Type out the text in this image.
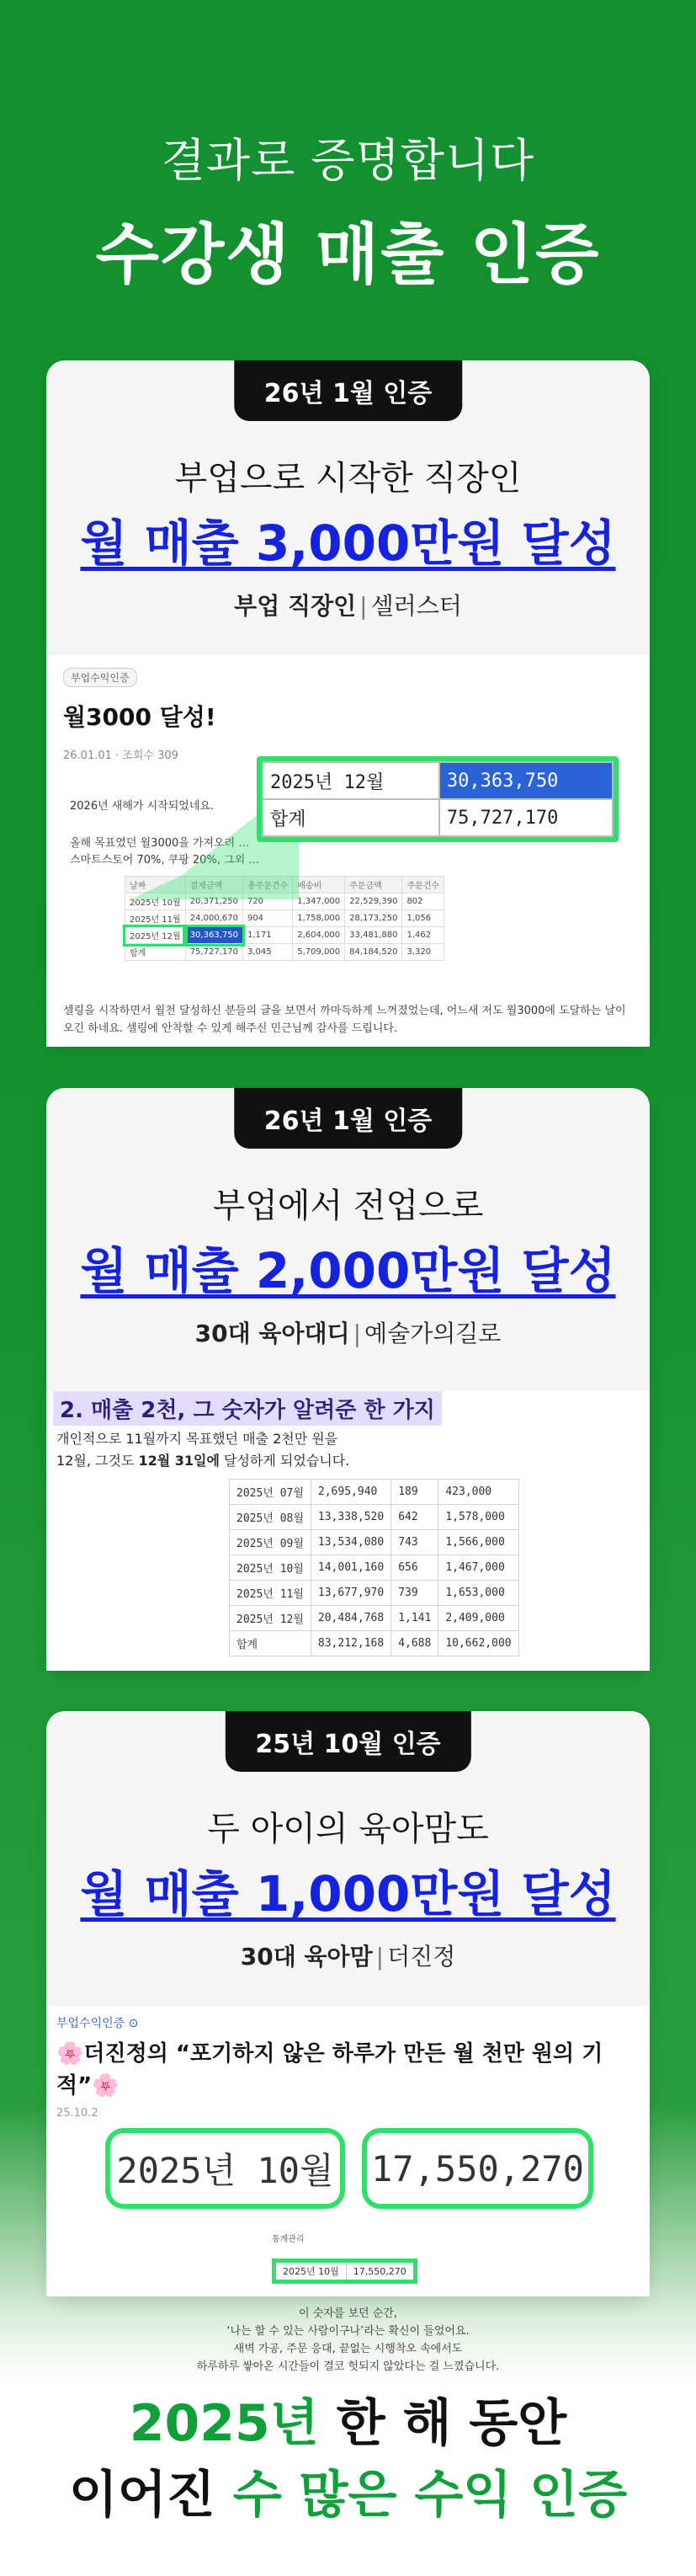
결과로 증명합니다
수강생 매출 인증
26년 1월 인증
부업으로 시작한 직장인
월 매출 3,000만원 달성
부업 직장인 | 셀러스터
부업수익인증
월3000 달성!
26.01.01 · 조회수 309
2026년 새해가 시작되었네요.
올해 목표였던 월3000을 가져오려 …
스마트스토어 70%, 쿠팡 20%, 그외 …
날짜	결제금액	총주문건수	배송비	주문금액	주문건수
2025년 10월	20,371,250	720	1,347,000	22,529,390	802
2025년 11월	24,000,670	904	1,758,000	28,173,250	1,056
2025년 12월	30,363,750	1,171	2,604,000	33,481,880	1,462
합계	75,727,170	3,045	5,709,000	84,184,520	3,320
2025년 12월	30,363,750
합계	75,727,170
셀링을 시작하면서 월천 달성하신 분들의 글을 보면서 까마득하게 느껴졌었는데, 어느새 저도 월3000에 도달하는 날이 오긴 하네요. 셀링에 안착할 수 있게 해주신 민근님께 감사를 드립니다.
26년 1월 인증
부업에서 전업으로
월 매출 2,000만원 달성
30대 육아대디 | 예술가의길로
2. 매출 2천, 그 숫자가 알려준 한 가지
개인적으로 11월까지 목표했던 매출 2천만 원을
12월, 그것도 12월 31일에 달성하게 되었습니다.
2025년 07월	2,695,940	189	423,000
2025년 08월	13,338,520	642	1,578,000
2025년 09월	13,534,080	743	1,566,000
2025년 10월	14,001,160	656	1,467,000
2025년 11월	13,677,970	739	1,653,000
2025년 12월	20,484,768	1,141	2,409,000
합계	83,212,168	4,688	10,662,000
25년 10월 인증
두 아이의 육아맘도
월 매출 1,000만원 달성
30대 육아맘 | 더진정
부업수익인증 ⊙
🌸더진정의 “포기하지 않은 하루가 만든 월 천만 원의 기적”🌸
25.10.2
2025년 10월	17,550,270
통계관리
2025년 10월	17,550,270
이 숫자를 보던 순간,
‘나는 할 수 있는 사람이구나’라는 확신이 들었어요.
새벽 가공, 주문 응대, 끝없는 시행착오 속에서도
하루하루 쌓아온 시간들이 결코 헛되지 않았다는 걸 느꼈습니다.
2025년 한 해 동안
이어진 수 많은 수익 인증
